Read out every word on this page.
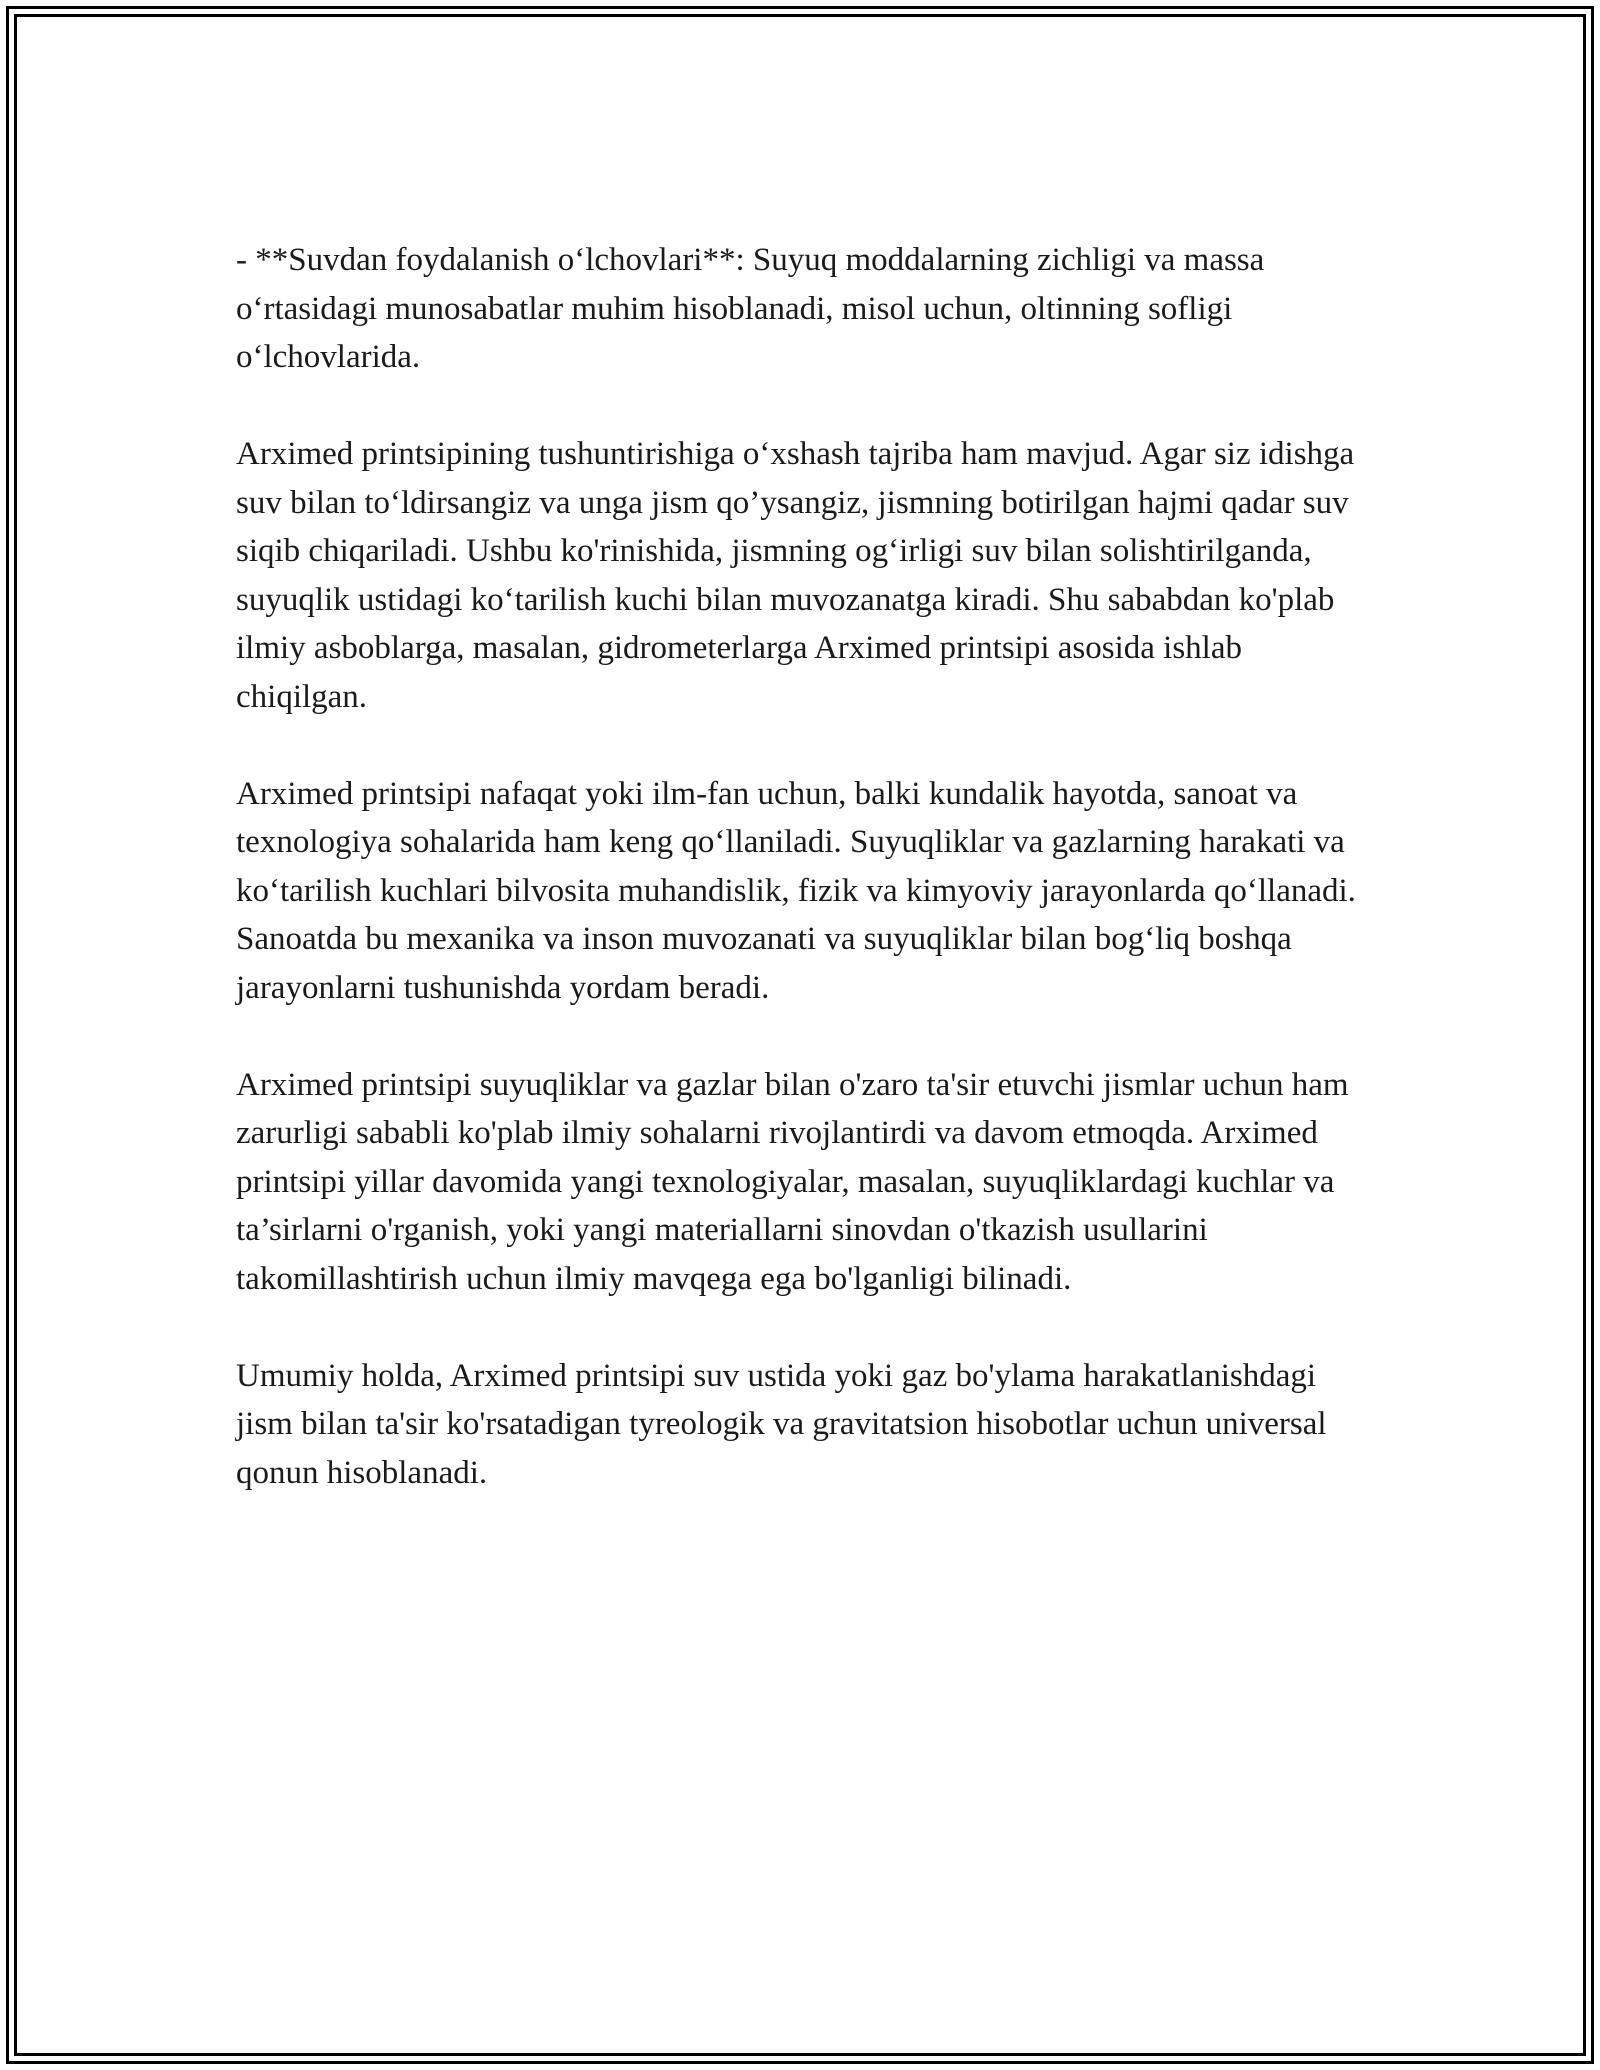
- **Suvdan foydalanish o‘lchovlari**: Suyuq moddalarning zichligi va massa o‘rtasidagi munosabatlar muhim hisoblanadi, misol uchun, oltinning sofligi o‘lchovlarida.

Arximed printsipining tushuntirishiga o‘xshash tajriba ham mavjud. Agar siz idishga suv bilan to‘ldirsangiz va unga jism qo’ysangiz, jismning botirilgan hajmi qadar suv siqib chiqariladi. Ushbu ko'rinishida, jismning og‘irligi suv bilan solishtirilganda, suyuqlik ustidagi ko‘tarilish kuchi bilan muvozanatga kiradi. Shu sababdan ko'plab ilmiy asboblarga, masalan, gidrometerlarga Arximed printsipi asosida ishlab chiqilgan.

Arximed printsipi nafaqat yoki ilm-fan uchun, balki kundalik hayotda, sanoat va texnologiya sohalarida ham keng qo‘llaniladi. Suyuqliklar va gazlarning harakati va ko‘tarilish kuchlari bilvosita muhandislik, fizik va kimyoviy jarayonlarda qo‘llanadi. Sanoatda bu mexanika va inson muvozanati va suyuqliklar bilan bog‘liq boshqa jarayonlarni tushunishda yordam beradi.

Arximed printsipi suyuqliklar va gazlar bilan o'zaro ta'sir etuvchi jismlar uchun ham zarurligi sababli ko'plab ilmiy sohalarni rivojlantirdi va davom etmoqda. Arximed printsipi yillar davomida yangi texnologiyalar, masalan, suyuqliklardagi kuchlar va ta’sirlarni o'rganish, yoki yangi materiallarni sinovdan o'tkazish usullarini takomillashtirish uchun ilmiy mavqega ega bo'lganligi bilinadi.

Umumiy holda, Arximed printsipi suv ustida yoki gaz bo'ylama harakatlanishdagi jism bilan ta'sir ko'rsatadigan tyreologik va gravitatsion hisobotlar uchun universal qonun hisoblanadi.
